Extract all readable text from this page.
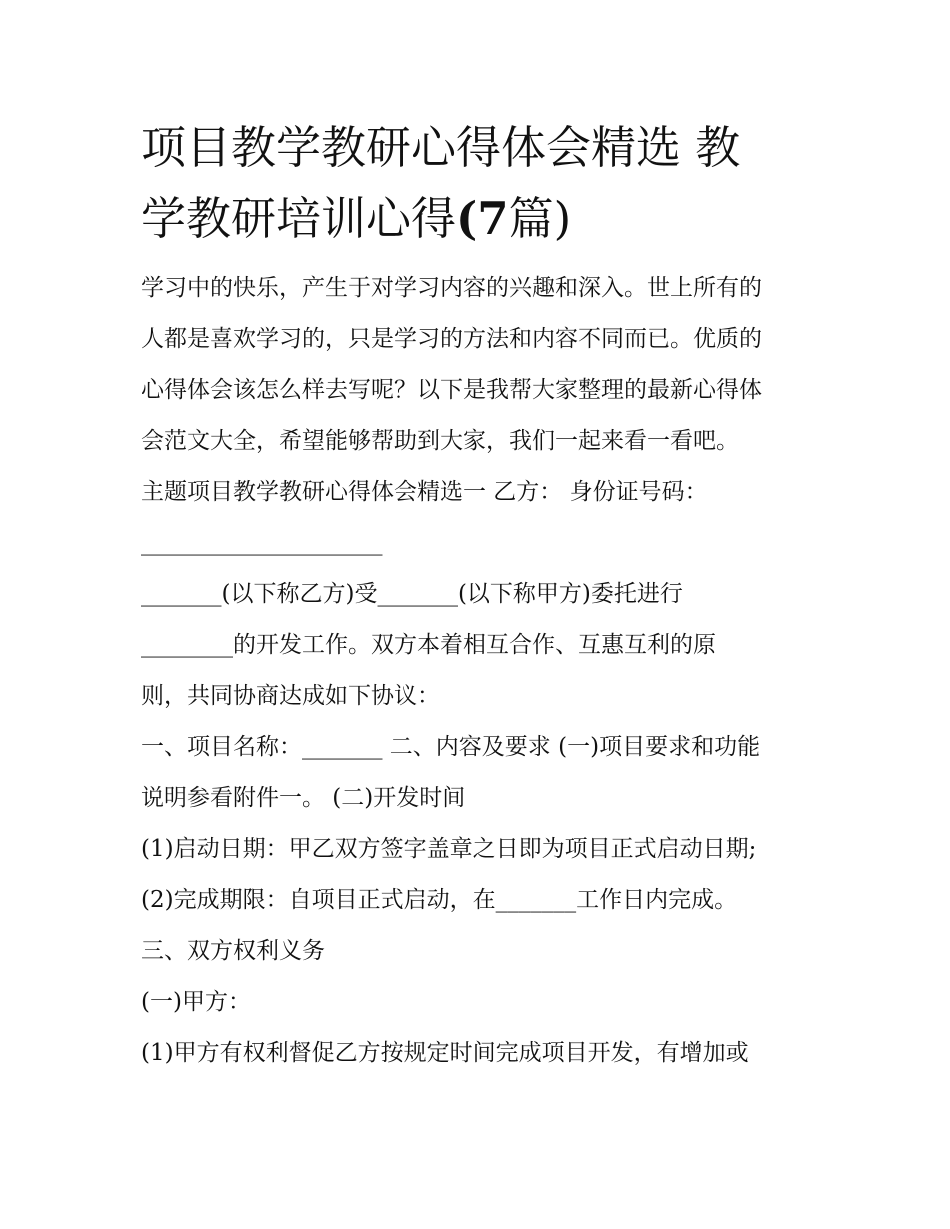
项目教学教研心得体会精选 教
学教研培训心得(7篇)
学习中的快乐，产生于对学习内容的兴趣和深入。世上所有的
人都是喜欢学习的，只是学习的方法和内容不同而已。优质的
心得体会该怎么样去写呢？以下是我帮大家整理的最新心得体
会范文大全，希望能够帮助到大家，我们一起来看一看吧。
主题项目教学教研心得体会精选一 乙方： 身份证号码：
_____________________
_______(以下称乙方)受_______(以下称甲方)委托进行
________的开发工作。双方本着相互合作、互惠互利的原
则，共同协商达成如下协议：
一、项目名称：_______ 二、内容及要求 (一)项目要求和功能
说明参看附件一。 (二)开发时间
(1)启动日期：甲乙双方签字盖章之日即为项目正式启动日期;
(2)完成期限：自项目正式启动，在_______工作日内完成。
三、双方权利义务
(一)甲方：
(1)甲方有权利督促乙方按规定时间完成项目开发，有增加或
